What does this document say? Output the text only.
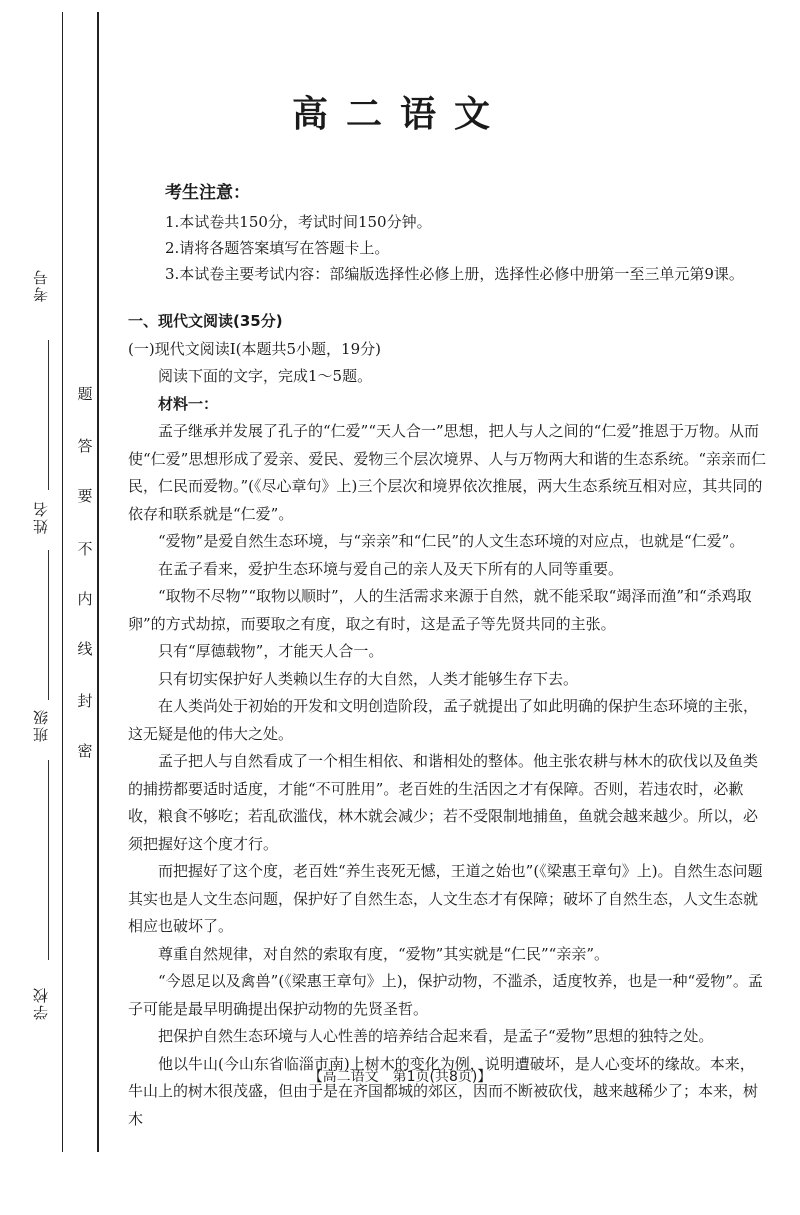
考号
姓名
班级
学校
题
答
要
不
内
线
封
密
高二语文
考生注意：
1.本试卷共150分，考试时间150分钟。
2.请将各题答案填写在答题卡上。
3.本试卷主要考试内容：部编版选择性必修上册，选择性必修中册第一至三单元第9课。

一、现代文阅读(35分)

(一)现代文阅读Ⅰ(本题共5小题，19分)

阅读下面的文字，完成1～5题。

材料一：

孟子继承并发展了孔子的“仁爱”“天人合一”思想，把人与人之间的“仁爱”推恩于万物。从而使“仁爱”思想形成了爱亲、爱民、爱物三个层次境界、人与万物两大和谐的生态系统。“亲亲而仁民，仁民而爱物。”(《尽心章句》上)三个层次和境界依次推展，两大生态系统互相对应，其共同的依存和联系就是“仁爱”。

“爱物”是爱自然生态环境，与“亲亲”和“仁民”的人文生态环境的对应点，也就是“仁爱”。

在孟子看来，爱护生态环境与爱自己的亲人及天下所有的人同等重要。

“取物不尽物”“取物以顺时”，人的生活需求来源于自然，就不能采取“竭泽而渔”和“杀鸡取卵”的方式劫掠，而要取之有度，取之有时，这是孟子等先贤共同的主张。

只有“厚德载物”，才能天人合一。

只有切实保护好人类赖以生存的大自然，人类才能够生存下去。

在人类尚处于初始的开发和文明创造阶段，孟子就提出了如此明确的保护生态环境的主张，这无疑是他的伟大之处。

孟子把人与自然看成了一个相生相依、和谐相处的整体。他主张农耕与林木的砍伐以及鱼类的捕捞都要适时适度，才能“不可胜用”。老百姓的生活因之才有保障。否则，若违农时，必歉收，粮食不够吃；若乱砍滥伐，林木就会减少；若不受限制地捕鱼，鱼就会越来越少。所以，必须把握好这个度才行。

而把握好了这个度，老百姓“养生丧死无憾，王道之始也”(《梁惠王章句》上)。自然生态问题其实也是人文生态问题，保护好了自然生态，人文生态才有保障；破坏了自然生态，人文生态就相应也破坏了。

尊重自然规律，对自然的索取有度，“爱物”其实就是“仁民”“亲亲”。

“今恩足以及禽兽”(《梁惠王章句》上)，保护动物，不滥杀，适度牧养，也是一种“爱物”。孟子可能是最早明确提出保护动物的先贤圣哲。

把保护自然生态环境与人心性善的培养结合起来看，是孟子“爱物”思想的独特之处。

他以牛山(今山东省临淄市南)上树木的变化为例，说明遭破坏，是人心变坏的缘故。本来，牛山上的树木很茂盛，但由于是在齐国都城的郊区，因而不断被砍伐，越来越稀少了；本来，树木

【高二语文　第1页(共8页)】
